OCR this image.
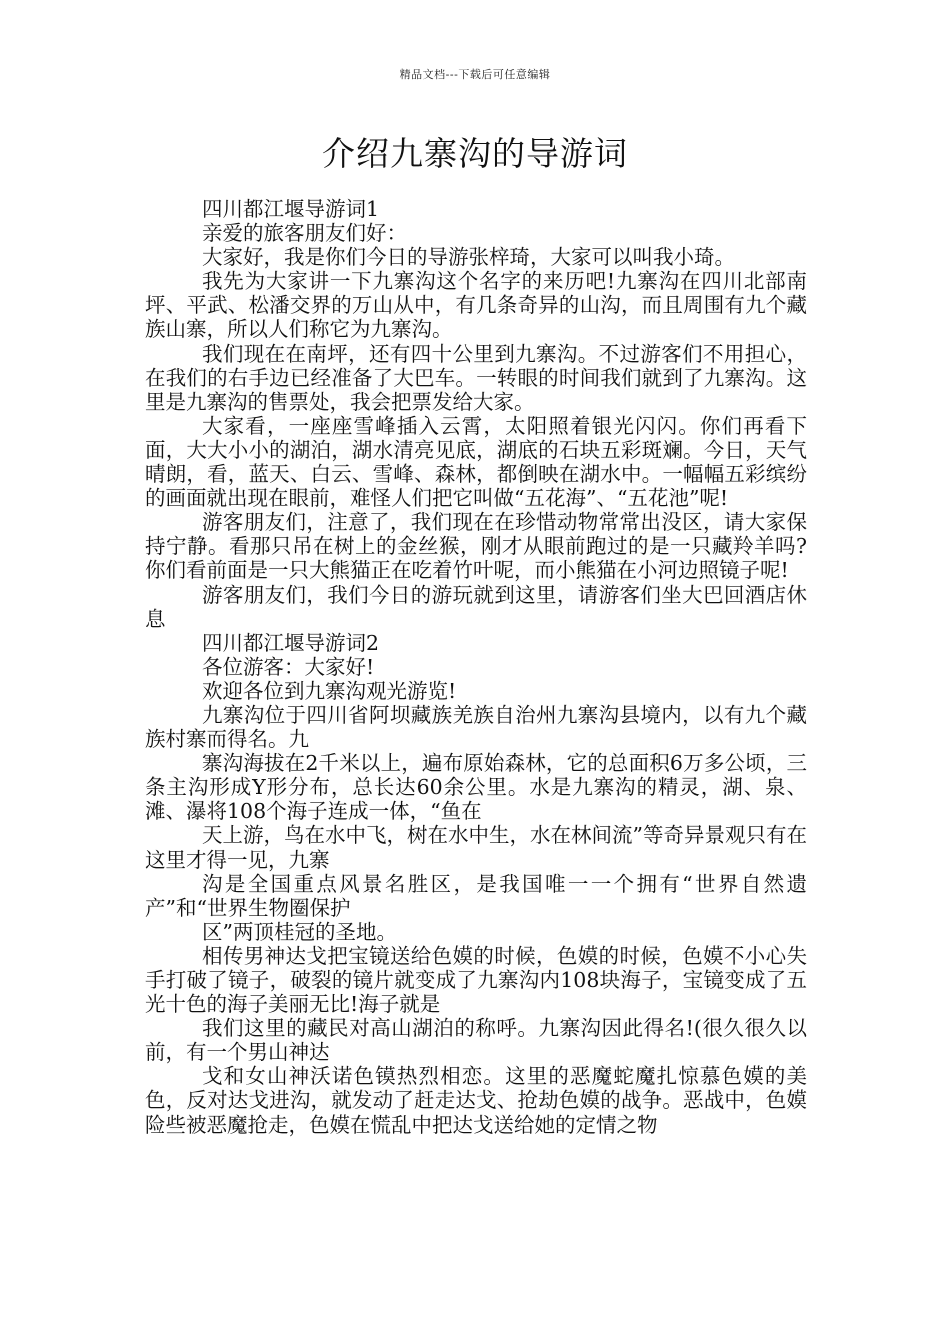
精品文档---下载后可任意编辑
介绍九寨沟的导游词

四川都江堰导游词1

亲爱的旅客朋友们好：

大家好，我是你们今日的导游张梓琦，大家可以叫我小琦。

我先为大家讲一下九寨沟这个名字的来历吧!九寨沟在四川北部南坪、平武、松潘交界的万山从中，有几条奇异的山沟，而且周围有九个藏族山寨，所以人们称它为九寨沟。

我们现在在南坪，还有四十公里到九寨沟。不过游客们不用担心，在我们的右手边已经准备了大巴车。一转眼的时间我们就到了九寨沟。这里是九寨沟的售票处，我会把票发给大家。

大家看，一座座雪峰插入云霄，太阳照着银光闪闪。你们再看下面，大大小小的湖泊，湖水清亮见底，湖底的石块五彩斑斓。今日，天气晴朗，看，蓝天、白云、雪峰、森林，都倒映在湖水中。一幅幅五彩缤纷的画面就出现在眼前，难怪人们把它叫做“五花海”、“五花池”呢!

游客朋友们，注意了，我们现在在珍惜动物常常出没区，请大家保持宁静。看那只吊在树上的金丝猴，刚才从眼前跑过的是一只藏羚羊吗?你们看前面是一只大熊猫正在吃着竹叶呢，而小熊猫在小河边照镜子呢!

游客朋友们，我们今日的游玩就到这里，请游客们坐大巴回酒店休息

四川都江堰导游词2

各位游客：大家好!

欢迎各位到九寨沟观光游览!

九寨沟位于四川省阿坝藏族羌族自治州九寨沟县境内，以有九个藏族村寨而得名。九

寨沟海拔在2千米以上，遍布原始森林，它的总面积6万多公顷，三条主沟形成Y形分布，总长达60余公里。水是九寨沟的精灵，湖、泉、滩、瀑将108个海子连成一体，“鱼在

天上游，鸟在水中飞，树在水中生，水在林间流”等奇异景观只有在这里才得一见，九寨

沟是全国重点风景名胜区，是我国唯一一个拥有“世界自然遗产”和“世界生物圈保护

区”两顶桂冠的圣地。

相传男神达戈把宝镜送给色嫫的时候，色嫫的时候，色嫫不小心失手打破了镜子，破裂的镜片就变成了九寨沟内108块海子，宝镜变成了五光十色的海子美丽无比!海子就是

我们这里的藏民对高山湖泊的称呼。九寨沟因此得名!(很久很久以前，有一个男山神达

戈和女山神沃诺色镆热烈相恋。这里的恶魔蛇魔扎惊慕色嫫的美色，反对达戈进沟，就发动了赶走达戈、抢劫色嫫的战争。恶战中，色嫫险些被恶魔抢走，色嫫在慌乱中把达戈送给她的定情之物
